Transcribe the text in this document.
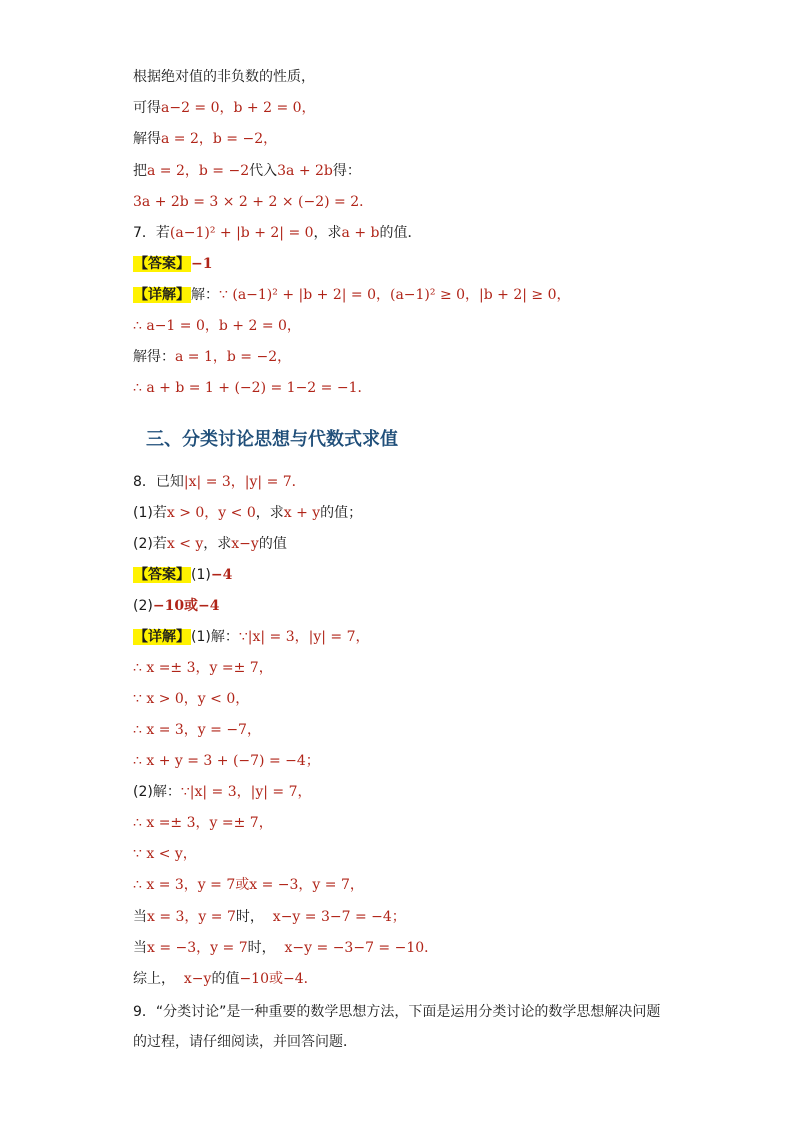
根据绝对值的非负数的性质，
可得a−2 = 0，b + 2 = 0，
解得a = 2，b = −2，
把a = 2，b = −2代入3a + 2b得：
3a + 2b = 3 × 2 + 2 × (−2) = 2．
7．若(a−1)² + |b + 2| = 0，求a + b的值．
【答案】−1
【详解】解：∵ (a−1)² + |b + 2| = 0，(a−1)² ≥ 0，|b + 2| ≥ 0，
∴ a−1 = 0，b + 2 = 0，
解得：a = 1，b = −2，
∴ a + b = 1 + (−2) = 1−2 = −1．
三、分类讨论思想与代数式求值
8．已知|x| = 3，|y| = 7．
(1)若x > 0，y < 0，求x + y的值；
(2)若x < y，求x−y的值
【答案】(1)−4
(2)−10或−4
【详解】(1)解：∵|x| = 3，|y| = 7，
∴ x =± 3，y =± 7，
∵ x > 0，y < 0，
∴ x = 3，y = −7，
∴ x + y = 3 + (−7) = −4；
(2)解：∵|x| = 3，|y| = 7，
∴ x =± 3，y =± 7，
∵ x < y，
∴ x = 3，y = 7或x = −3，y = 7，
当x = 3，y = 7时， x−y = 3−7 = −4；
当x = −3，y = 7时， x−y = −3−7 = −10．
综上， x−y的值−10或−4．
9．“分类讨论”是一种重要的数学思想方法，下面是运用分类讨论的数学思想解决问题的过程，请仔细阅读，并回答问题．
